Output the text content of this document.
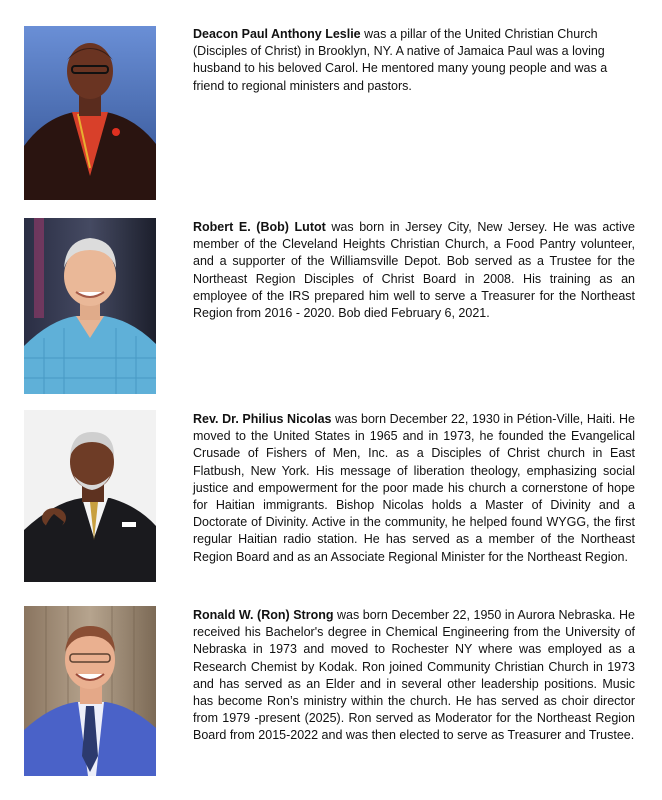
Deacon Paul Anthony Leslie was a pillar of the United Christian Church (Disciples of Christ) in Brooklyn, NY. A native of Jamaica Paul was a loving husband to his beloved Carol. He mentored many young people and was a friend to regional ministers and pastors.
Robert E. (Bob) Lutot was born in Jersey City, New Jersey. He was active member of the Cleveland Heights Christian Church, a Food Pantry volunteer, and a supporter of the Williamsville Depot. Bob served as a Trustee for the Northeast Region Disciples of Christ Board in 2008. His training as an employee of the IRS prepared him well to serve a Treasurer for the Northeast Region from 2016 - 2020. Bob died February 6, 2021.
Rev. Dr. Philius Nicolas was born December 22, 1930 in Pétion-Ville, Haiti. He moved to the United States in 1965 and in 1973, he founded the Evangelical Crusade of Fishers of Men, Inc. as a Disciples of Christ church in East Flatbush, New York. His message of liberation theology, emphasizing social justice and empowerment for the poor made his church a cornerstone of hope for Haitian immigrants. Bishop Nicolas holds a Master of Divinity and a Doctorate of Divinity. Active in the community, he helped found WYGG, the first regular Haitian radio station. He has served as a member of the Northeast Region Board and as an Associate Regional Minister for the Northeast Region.
Ronald W. (Ron) Strong was born December 22, 1950 in Aurora Nebraska. He received his Bachelor's degree in Chemical Engineering from the University of Nebraska in 1973 and moved to Rochester NY where was employed as a Research Chemist by Kodak. Ron joined Community Christian Church in 1973 and has served as an Elder and in several other leadership positions. Music has become Ron’s ministry within the church. He has served as choir director from 1979 -present (2025). Ron served as Moderator for the Northeast Region Board from 2015-2022 and was then elected to serve as Treasurer and Trustee.
